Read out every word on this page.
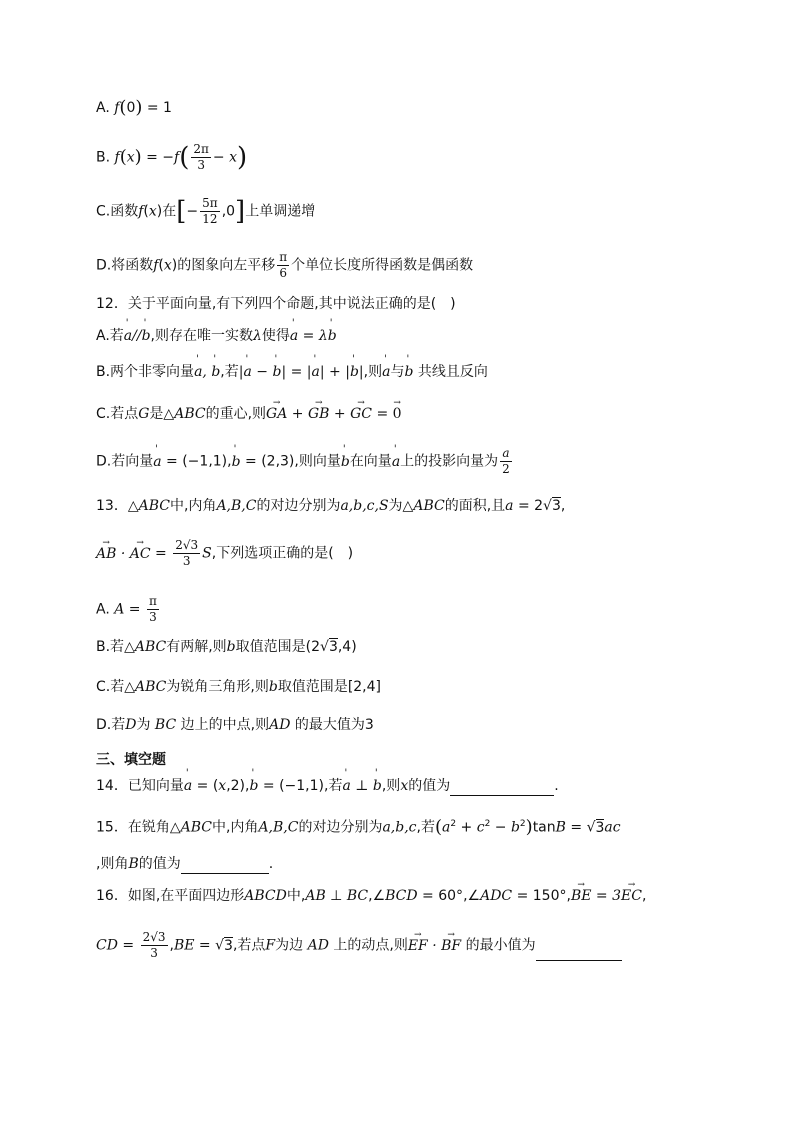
A. f(0) = 1
B. $f(x) = -f( \frac{2\pi}{3} - x)$
C.函数f(x)在[− $\frac{5\pi}{12} ,0$]上单调递增
D.将函数f(x)的图象向左平移 $\frac{\pi}{6}$ 个单位长度所得函数是偶函数
12．关于平面向量,有下列四个命题,其中说法正确的是(　)
A.若' a//' b,则存在唯一实数λ使得' a = λ' b
B.两个非零向量' a, ' b,若|' a − ' b| = |' a| + |' b|,则' a与' b 共线且反向
C.若点G是△ABC的重心,则→ GA + → GB + → GC = → 0
D.若向量' a = (−1,1),' b = (2,3),则向量' b在向量' a上的投影向量为 $\frac{a}{2}$
13．△ABC中,内角A,B,C的对边分别为a,b,c,S为△ABC的面积,且a = 2√3,
→ AB · → AC = $\frac{2√3}{3} S$,下列选项正确的是(　)
A. $A = \frac{\pi}{3}$
B.若△ABC有两解,则b取值范围是(2√3,4)
C.若△ABC为锐角三角形,则b取值范围是[2,4]
D.若D为 BC 边上的中点,则AD 的最大值为3
三、填空题
14．已知向量' a = (x,2),' b = (−1,1),若' a ⊥ ' b,则x的值为	.
15．在锐角△ABC中,内角A,B,C的对边分别为a,b,c,若$(a^2 + c^2 - b^2)\tan B = √3ac$
,则角B的值为	.
16．如图,在平面四边形ABCD中,AB ⊥ BC,∠BCD = 60°,∠ADC = 150°,→ BE = 3→ EC,
CD = $\frac{2√3}{3} ,BE = √3$,若点F为边 AD 上的动点,则→ EF · → BF 的最小值为
